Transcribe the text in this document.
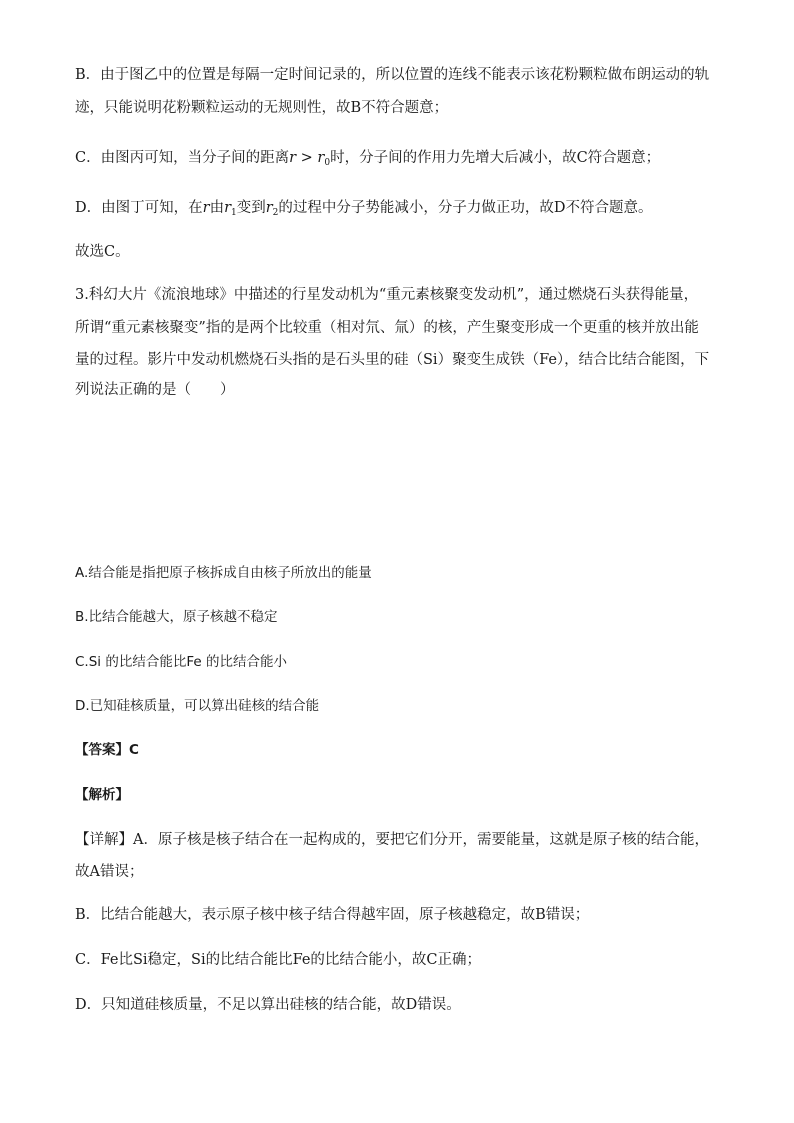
B．由于图乙中的位置是每隔一定时间记录的，所以位置的连线不能表示该花粉颗粒做布朗运动的轨
迹，只能说明花粉颗粒运动的无规则性，故B不符合题意；
C．由图丙可知，当分子间的距离$r > r_0$时，分子间的作用力先增大后减小，故C符合题意；
D．由图丁可知，在r由$r_1$变到$r_2$的过程中分子势能减小，分子力做正功，故D不符合题意。
故选C。
3.科幻大片《流浪地球》中描述的行星发动机为“重元素核聚变发动机”，通过燃烧石头获得能量，
所谓“重元素核聚变”指的是两个比较重（相对氘、氚）的核，产生聚变形成一个更重的核并放出能
量的过程。影片中发动机燃烧石头指的是石头里的硅（Si）聚变生成铁（Fe），结合比结合能图，下
列说法正确的是（　　）
A.结合能是指把原子核拆成自由核子所放出的能量
B.比结合能越大，原子核越不稳定
C.Si 的比结合能比Fe 的比结合能小
D.已知硅核质量，可以算出硅核的结合能
【答案】C
【解析】
【详解】A．原子核是核子结合在一起构成的，要把它们分开，需要能量，这就是原子核的结合能，
故A错误；
B．比结合能越大，表示原子核中核子结合得越牢固，原子核越稳定，故B错误；
C．Fe比Si稳定，Si的比结合能比Fe的比结合能小，故C正确；
D．只知道硅核质量，不足以算出硅核的结合能，故D错误。
